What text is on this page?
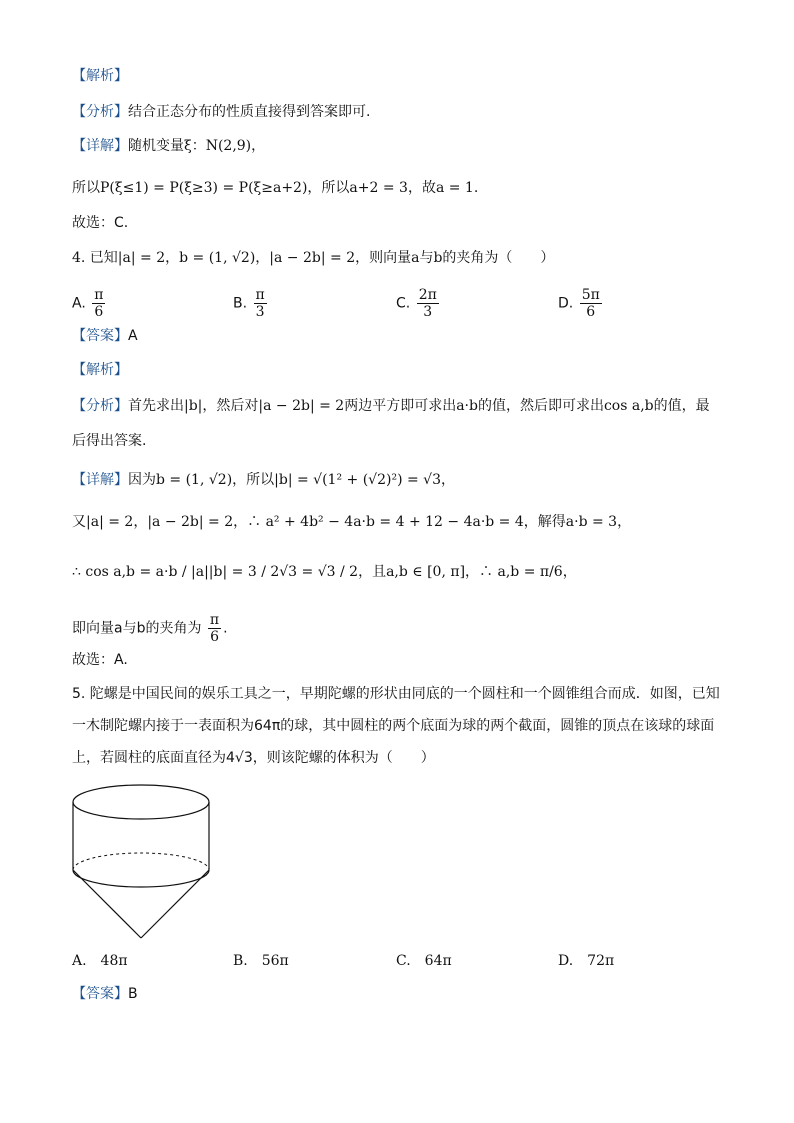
【解析】
【分析】结合正态分布的性质直接得到答案即可.
【详解】随机变量ξ：N(2,9)，
所以P(ξ≤1) = P(ξ≥3) = P(ξ≥a+2)，所以a+2 = 3，故a = 1.
故选：C.
4. 已知|a| = 2，b = (1, √2)，|a − 2b| = 2，则向量a与b的夹角为（　　）
A. $\frac{\pi}{6}$	B. $\frac{\pi}{3}$	C. $\frac{2\pi}{3}$	D. $\frac{5\pi}{6}$
【答案】A
【解析】
【分析】首先求出|b|，然后对|a − 2b| = 2两边平方即可求出a·b的值，然后即可求出cos a,b的值，最
后得出答案.
【详解】因为b = (1, √2)，所以|b| = √(1² + (√2)²) = √3，
又|a| = 2，|a − 2b| = 2，∴ a² + 4b² − 4a·b = 4 + 12 − 4a·b = 4，解得a·b = 3，
∴ cos a,b = a·b / |a||b| = 3 / 2√3 = √3 / 2，且a,b ∈ [0, π]，∴ a,b = π/6，
即向量a与b的夹角为 $\frac{\pi}{6}$ .
故选：A.
5. 陀螺是中国民间的娱乐工具之一，早期陀螺的形状由同底的一个圆柱和一个圆锥组合而成．如图，已知
一木制陀螺内接于一表面积为64π的球，其中圆柱的两个底面为球的两个截面，圆锥的顶点在该球的球面
上，若圆柱的底面直径为4√3，则该陀螺的体积为（　　）
A.　48π	B.　56π	C.　64π	D.　72π
【答案】B
